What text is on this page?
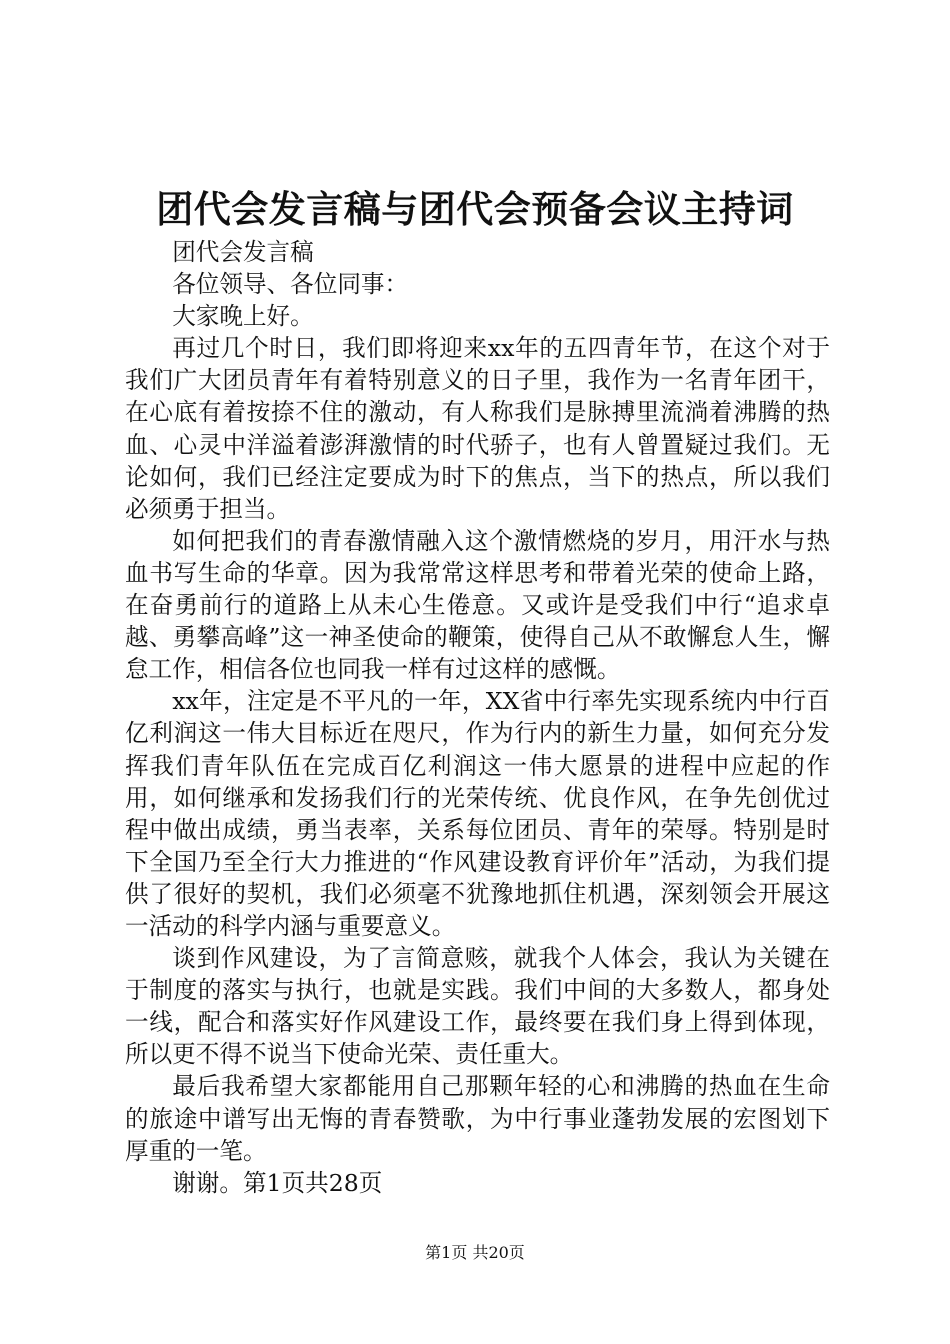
团代会发言稿与团代会预备会议主持词

团代会发言稿

各位领导、各位同事：

大家晚上好。

再过几个时日，我们即将迎来xx年的五四青年节，在这个对于我们广大团员青年有着特别意义的日子里，我作为一名青年团干，在心底有着按捺不住的激动，有人称我们是脉搏里流淌着沸腾的热血、心灵中洋溢着澎湃激情的时代骄子，也有人曾置疑过我们。无论如何，我们已经注定要成为时下的焦点，当下的热点，所以我们必须勇于担当。

如何把我们的青春激情融入这个激情燃烧的岁月，用汗水与热血书写生命的华章。因为我常常这样思考和带着光荣的使命上路，在奋勇前行的道路上从未心生倦意。又或许是受我们中行“追求卓越、勇攀高峰”这一神圣使命的鞭策，使得自己从不敢懈怠人生，懈怠工作，相信各位也同我一样有过这样的感慨。

xx年，注定是不平凡的一年，XX省中行率先实现系统内中行百亿利润这一伟大目标近在咫尺，作为行内的新生力量，如何充分发挥我们青年队伍在完成百亿利润这一伟大愿景的进程中应起的作用，如何继承和发扬我们行的光荣传统、优良作风，在争先创优过程中做出成绩，勇当表率，关系每位团员、青年的荣辱。特别是时下全国乃至全行大力推进的“作风建设教育评价年”活动，为我们提供了很好的契机，我们必须毫不犹豫地抓住机遇，深刻领会开展这一活动的科学内涵与重要意义。

谈到作风建设，为了言简意赅，就我个人体会，我认为关键在于制度的落实与执行，也就是实践。我们中间的大多数人，都身处一线，配合和落实好作风建设工作，最终要在我们身上得到体现，所以更不得不说当下使命光荣、责任重大。

最后我希望大家都能用自己那颗年轻的心和沸腾的热血在生命的旅途中谱写出无悔的青春赞歌，为中行事业蓬勃发展的宏图划下厚重的一笔。

谢谢。第1页共28页

第1页 共20页
